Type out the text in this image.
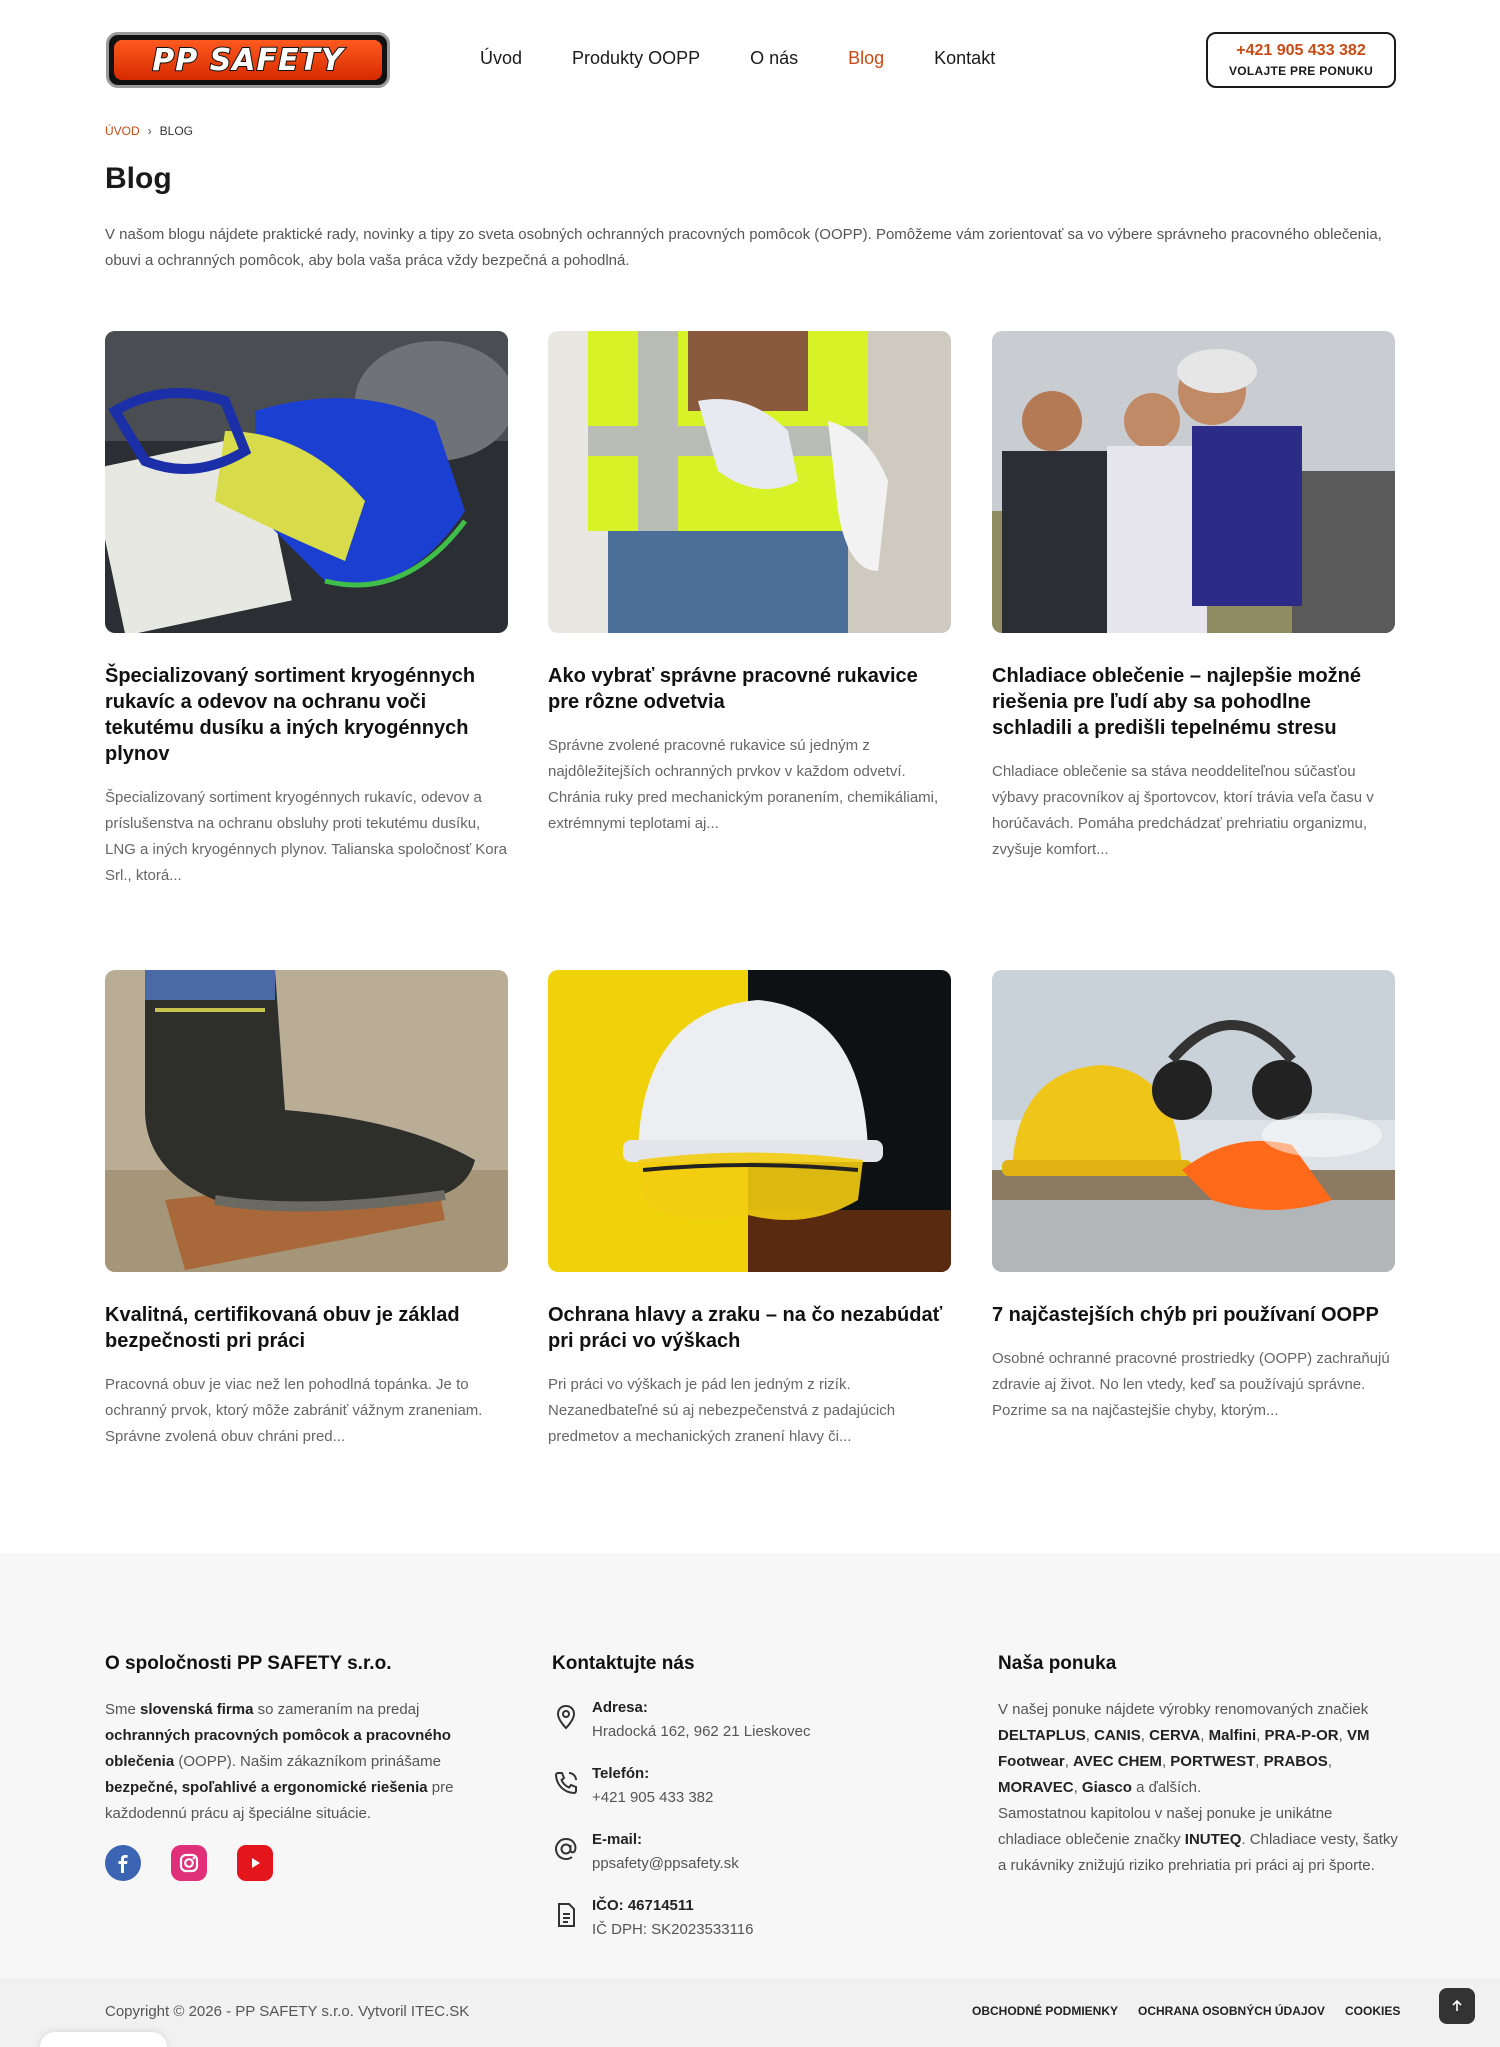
PP SAFETY	Úvod	Produkty OOPP	O nás	Blog	Kontakt	+421 905 433 382
VOLAJTE PRE PONUKU
ÚVOD › BLOG
Blog

V našom blogu nájdete praktické rady, novinky a tipy zo sveta osobných ochranných pracovných pomôcok (OOPP). Pomôžeme vám zorientovať sa vo výbere správneho pracovného oblečenia, obuvi a ochranných pomôcok, aby bola vaša práca vždy bezpečná a pohodlná.

Špecializovaný sortiment kryogénnych rukavíc a odevov na ochranu voči tekutému dusíku a iných kryogénnych plynov
Špecializovaný sortiment kryogénnych rukavíc, odevov a príslušenstva na ochranu obsluhy proti tekutému dusíku, LNG a iných kryogénnych plynov. Talianska spoločnosť Kora Srl., ktorá...
Ako vybrať správne pracovné rukavice pre rôzne odvetvia
Správne zvolené pracovné rukavice sú jedným z najdôležitejších ochranných prvkov v každom odvetví. Chránia ruky pred mechanickým poranením, chemikáliami, extrémnymi teplotami aj...
Chladiace oblečenie – najlepšie možné riešenia pre ľudí aby sa pohodlne schladili a predišli tepelnému stresu
Chladiace oblečenie sa stáva neoddeliteľnou súčasťou výbavy pracovníkov aj športovcov, ktorí trávia veľa času v horúčavách. Pomáha predchádzať prehriatiu organizmu, zvyšuje komfort...
Kvalitná, certifikovaná obuv je základ bezpečnosti pri práci
Pracovná obuv je viac než len pohodlná topánka. Je to ochranný prvok, ktorý môže zabrániť vážnym zraneniam. Správne zvolená obuv chráni pred...
Ochrana hlavy a zraku – na čo nezabúdať pri práci vo výškach
Pri práci vo výškach je pád len jedným z rizík. Nezanedbateľné sú aj nebezpečenstvá z padajúcich predmetov a mechanických zranení hlavy či...
7 najčastejších chýb pri používaní OOPP
Osobné ochranné pracovné prostriedky (OOPP) zachraňujú zdravie aj život. No len vtedy, keď sa používajú správne. Pozrime sa na najčastejšie chyby, ktorým...
O spoločnosti PP SAFETY s.r.o.

Sme slovenská firma so zameraním na predaj ochranných pracovných pomôcok a pracovného oblečenia (OOPP). Našim zákazníkom prinášame bezpečné, spoľahlivé a ergonomické riešenia pre každodennú prácu aj špeciálne situácie.

Kontaktujte nás
Adresa:
Hradocká 162, 962 21 Lieskovec
Telefón:
+421 905 433 382
E-mail:
ppsafety@ppsafety.sk
IČO: 46714511
IČ DPH: SK2023533116
Naša ponuka

V našej ponuke nájdete výrobky renomovaných značiek DELTAPLUS, CANIS, CERVA, Malfini, PRA-P-OR, VM Footwear, AVEC CHEM, PORTWEST, PRABOS, MORAVEC, Giasco a ďalších.
Samostatnou kapitolou v našej ponuke je unikátne chladiace oblečenie značky INUTEQ. Chladiace vesty, šatky a rukávniky znižujú riziko prehriatia pri práci aj pri športe.

Copyright © 2026 - PP SAFETY s.r.o. Vytvoril ITEC.SK	OBCHODNÉ PODMIENKY OCHRANA OSOBNÝCH ÚDAJOV COOKIES
